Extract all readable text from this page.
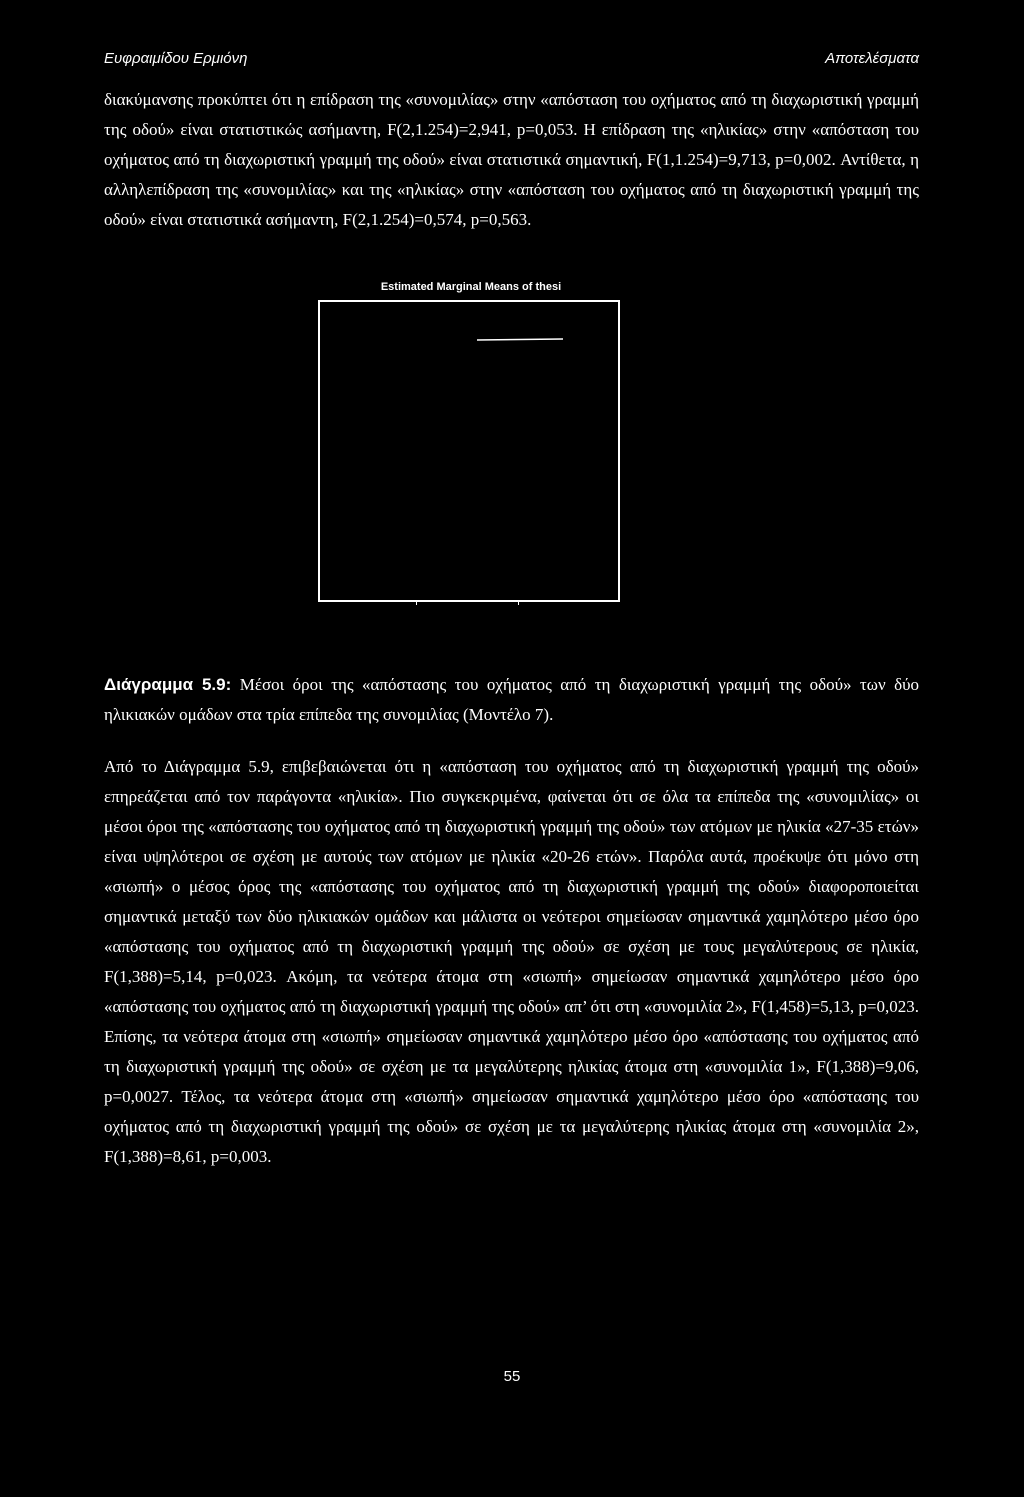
Ευφραιμίδου Ερμιόνη	Αποτελέσματα

διακύμανσης προκύπτει ότι η επίδραση της «συνομιλίας» στην «απόσταση του οχήματος από τη διαχωριστική γραμμή της οδού» είναι στατιστικώς ασήμαντη, F(2,1.254)=2,941, p=0,053. Η επίδραση της «ηλικίας» στην «απόσταση του οχήματος από τη διαχωριστική γραμμή της οδού» είναι στατιστικά σημαντική, F(1,1.254)=9,713, p=0,002. Αντίθετα, η αλληλεπίδραση της «συνομιλίας» και της «ηλικίας» στην «απόσταση του οχήματος από τη διαχωριστική γραμμή της οδού» είναι στατιστικά ασήμαντη, F(2,1.254)=0,574, p=0,563.

Estimated Marginal Means of thesi

Διάγραμμα 5.9: Μέσοι όροι της «απόστασης του οχήματος από τη διαχωριστική γραμμή της οδού» των δύο ηλικιακών ομάδων στα τρία επίπεδα της συνομιλίας (Μοντέλο 7).

Από το Διάγραμμα 5.9, επιβεβαιώνεται ότι η «απόσταση του οχήματος από τη διαχωριστική γραμμή της οδού» επηρεάζεται από τον παράγοντα «ηλικία». Πιο συγκεκριμένα, φαίνεται ότι σε όλα τα επίπεδα της «συνομιλίας» οι μέσοι όροι της «απόστασης του οχήματος από τη διαχωριστική γραμμή της οδού» των ατόμων με ηλικία «27-35 ετών» είναι υψηλότεροι σε σχέση με αυτούς των ατόμων με ηλικία «20-26 ετών». Παρόλα αυτά, προέκυψε ότι μόνο στη «σιωπή» ο μέσος όρος της «απόστασης του οχήματος από τη διαχωριστική γραμμή της οδού» διαφοροποιείται σημαντικά μεταξύ των δύο ηλικιακών ομάδων και μάλιστα οι νεότεροι σημείωσαν σημαντικά χαμηλότερο μέσο όρο «απόστασης του οχήματος από τη διαχωριστική γραμμή της οδού» σε σχέση με τους μεγαλύτερους σε ηλικία, F(1,388)=5,14, p=0,023. Ακόμη, τα νεότερα άτομα στη «σιωπή» σημείωσαν σημαντικά χαμηλότερο μέσο όρο «απόστασης του οχήματος από τη διαχωριστική γραμμή της οδού» απ’ ότι στη «συνομιλία 2», F(1,458)=5,13, p=0,023. Επίσης, τα νεότερα άτομα στη «σιωπή» σημείωσαν σημαντικά χαμηλότερο μέσο όρο «απόστασης του οχήματος από τη διαχωριστική γραμμή της οδού» σε σχέση με τα μεγαλύτερης ηλικίας άτομα στη «συνομιλία 1», F(1,388)=9,06, p=0,0027. Τέλος, τα νεότερα άτομα στη «σιωπή» σημείωσαν σημαντικά χαμηλότερο μέσο όρο «απόστασης του οχήματος από τη διαχωριστική γραμμή της οδού» σε σχέση με τα μεγαλύτερης ηλικίας άτομα στη «συνομιλία 2», F(1,388)=8,61, p=0,003.

55
